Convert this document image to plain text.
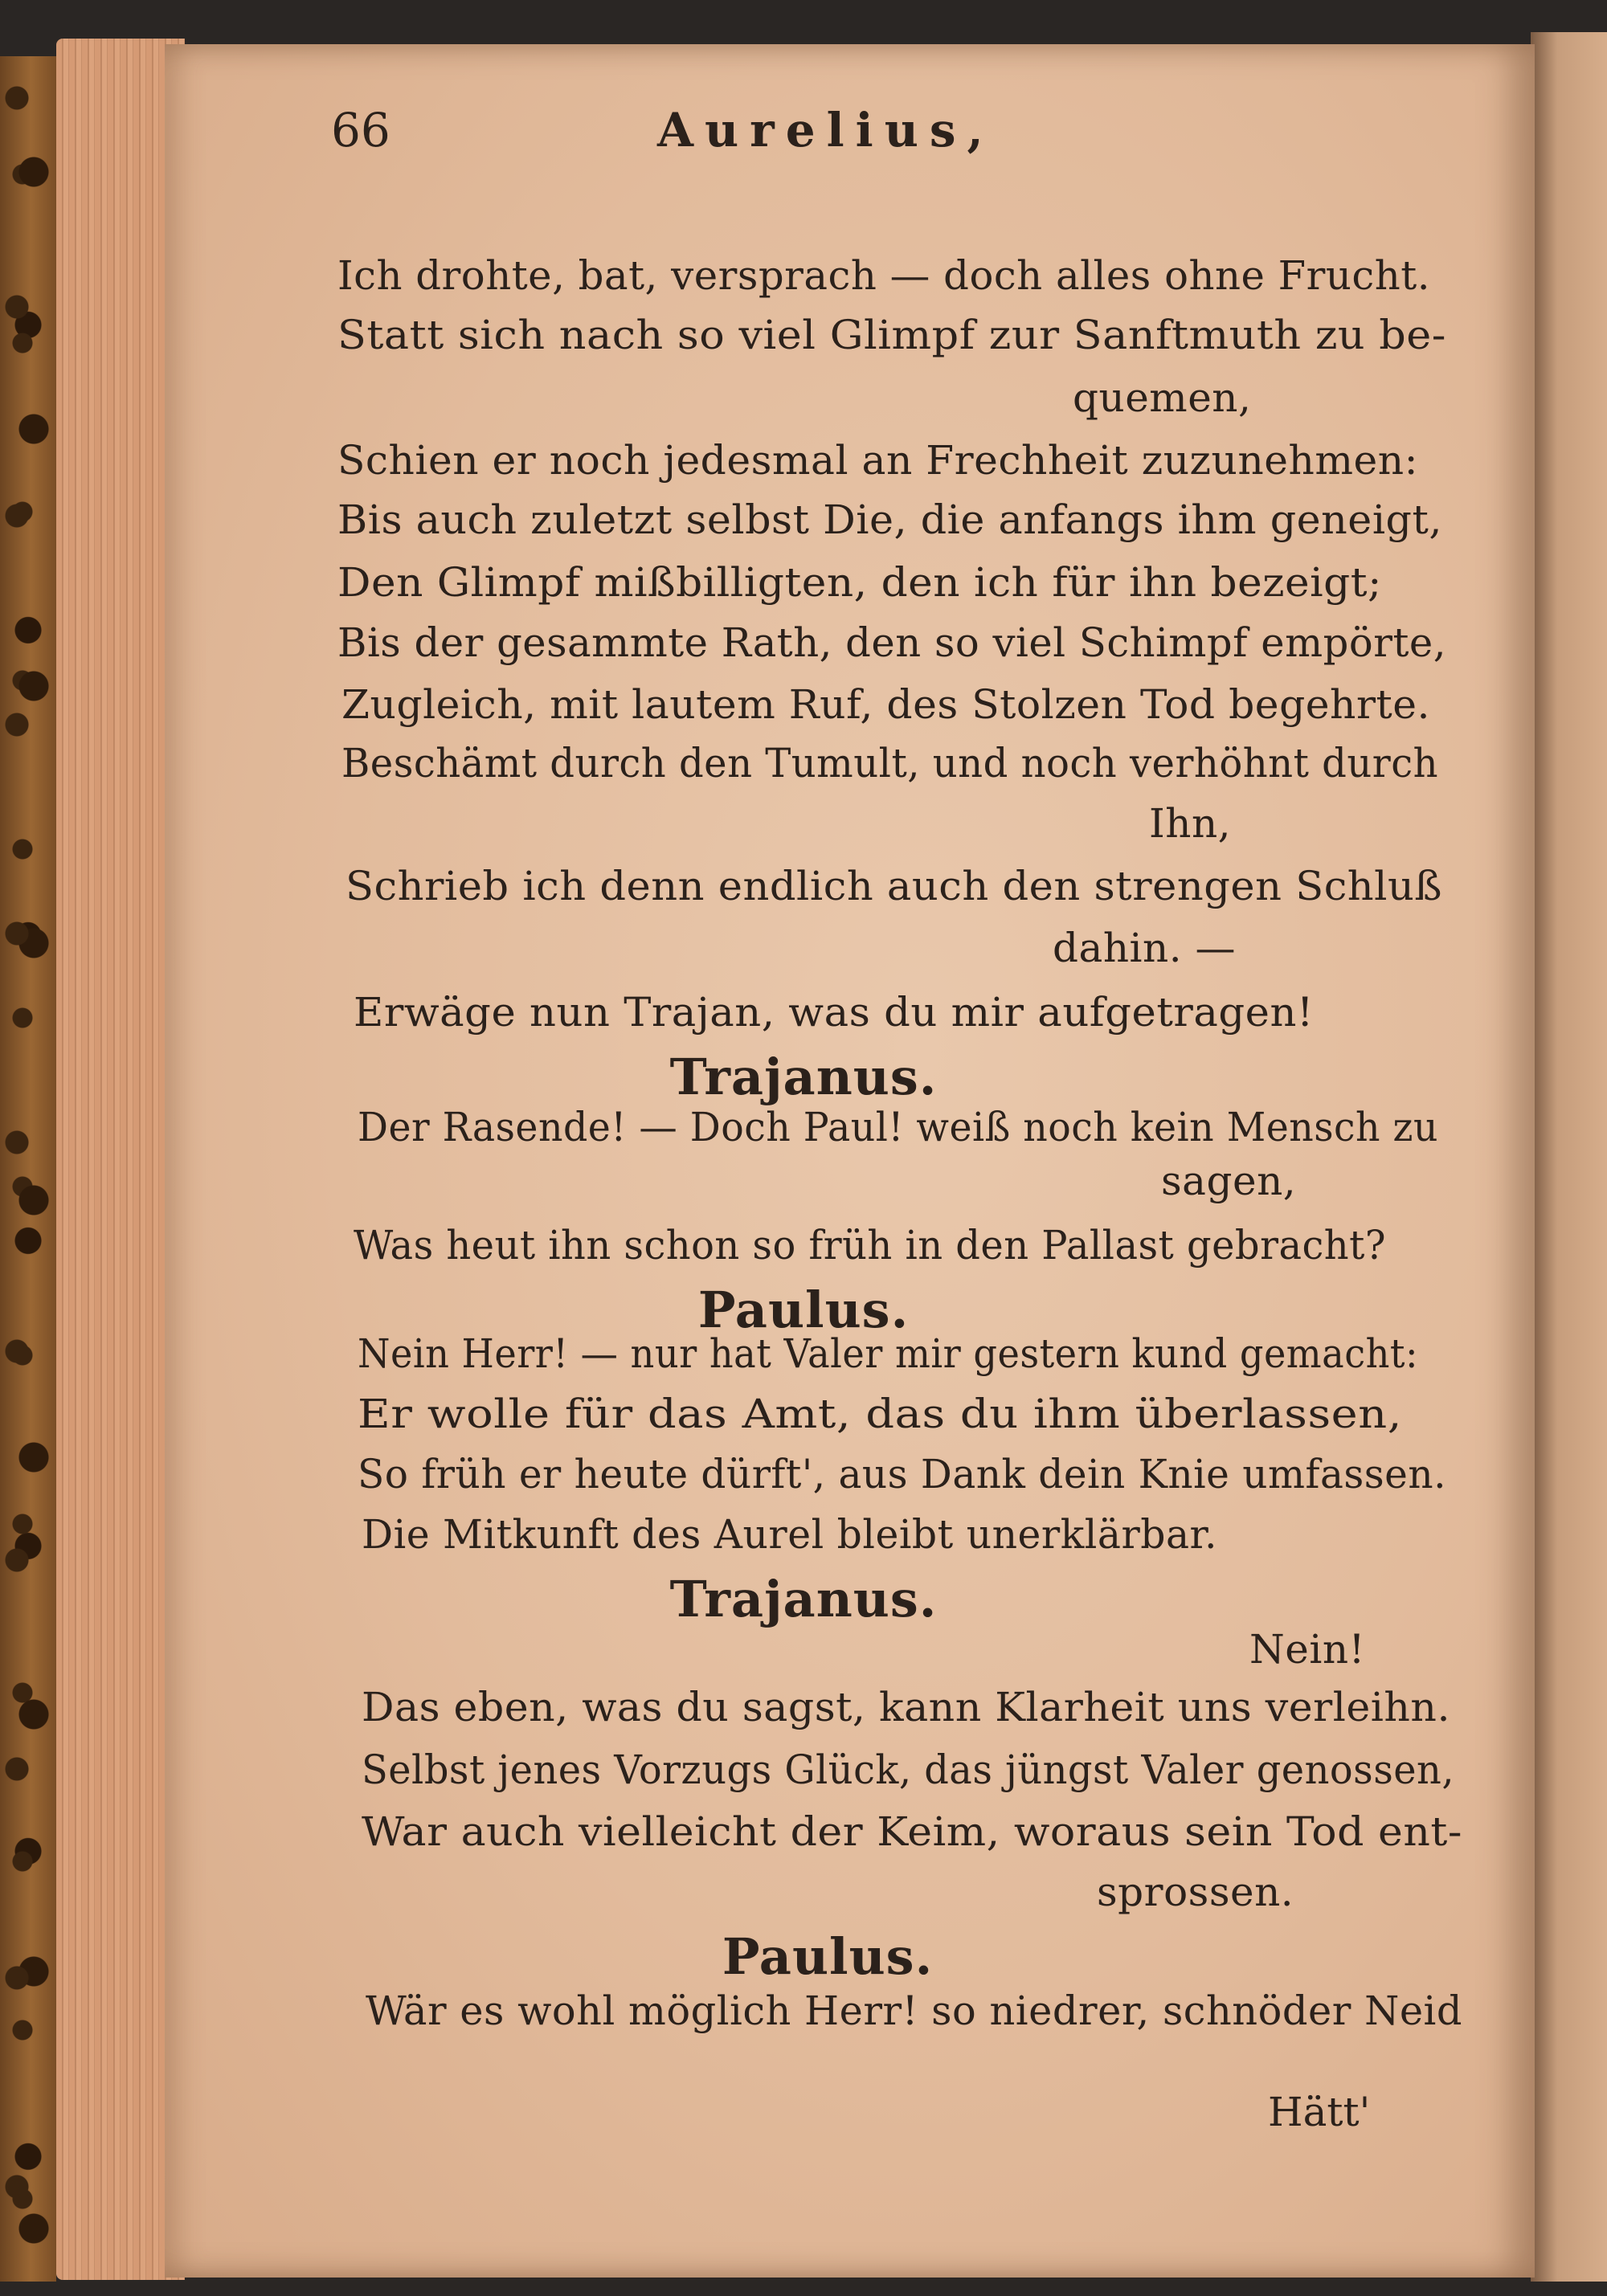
66	Aurelius,
Ich drohte, bat, versprach — doch alles ohne Frucht.
Statt sich nach so viel Glimpf zur Sanftmuth zu be-
quemen,
Schien er noch jedesmal an Frechheit zuzunehmen:
Bis auch zuletzt selbst Die, die anfangs ihm geneigt,
Den Glimpf mißbilligten, den ich für ihn bezeigt;
Bis der gesammte Rath, den so viel Schimpf empörte,
Zugleich, mit lautem Ruf, des Stolzen Tod begehrte.
Beschämt durch den Tumult, und noch verhöhnt durch
Ihn,
Schrieb ich denn endlich auch den strengen Schluß
dahin. —
Erwäge nun Trajan, was du mir aufgetragen!
Trajanus.
Der Rasende! — Doch Paul! weiß noch kein Mensch zu
sagen,
Was heut ihn schon so früh in den Pallast gebracht?
Paulus.
Nein Herr! — nur hat Valer mir gestern kund gemacht:
Er wolle für das Amt, das du ihm überlassen,
So früh er heute dürft', aus Dank dein Knie umfassen.
Die Mitkunft des Aurel bleibt unerklärbar.
Trajanus.
Nein!
Das eben, was du sagst, kann Klarheit uns verleihn.
Selbst jenes Vorzugs Glück, das jüngst Valer genossen,
War auch vielleicht der Keim, woraus sein Tod ent-
sprossen.
Paulus.
Wär es wohl möglich Herr! so niedrer, schnöder Neid
Hätt'
